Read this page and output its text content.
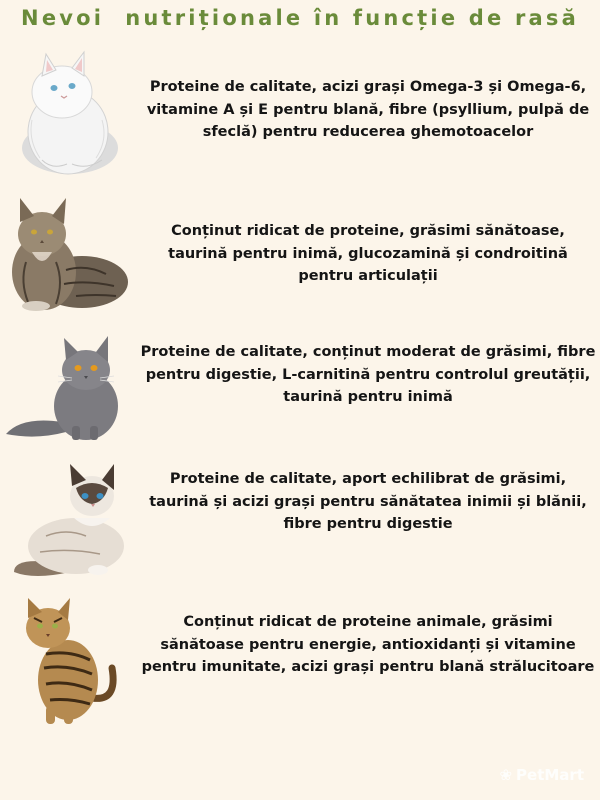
Nevoi  nutriționale în funcție de rasă

Proteine de calitate, acizi grași Omega-3 și Omega-6, vitamine A și E pentru blană, fibre (psyllium, pulpă de sfeclă) pentru reducerea ghemotoacelor

Conținut ridicat de proteine, grăsimi sănătoase, taurină pentru inimă, glucozamină și condroitină pentru articulații

Proteine de calitate, conținut moderat de grăsimi, fibre pentru digestie, L-carnitină pentru controlul greutății, taurină pentru inimă

Proteine de calitate, aport echilibrat de grăsimi, taurină și acizi grași pentru sănătatea inimii și blănii, fibre pentru digestie

Conținut ridicat de proteine animale, grăsimi sănătoase pentru energie, antioxidanți și vitamine pentru imunitate, acizi grași pentru blană strălucitoare

❀ PetMart
